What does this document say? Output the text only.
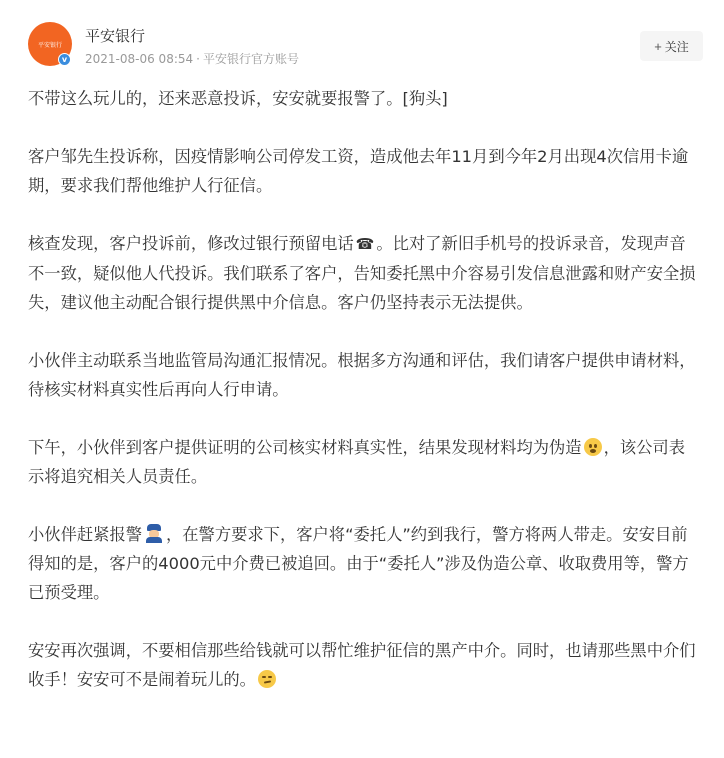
平安银行
v
平安银行
2021-08-06 08:54 · 平安银行官方账号
+ 关注

不带这么玩儿的，还来恶意投诉，安安就要报警了。[狗头]

客户邹先生投诉称，因疫情影响公司停发工资，造成他去年11月到今年2月出现4次信用卡逾期，要求我们帮他维护人行征信。

核查发现，客户投诉前，修改过银行预留电话 ☎ 。比对了新旧手机号的投诉录音，发现声音不一致，疑似他人代投诉。我们联系了客户，告知委托黑中介容易引发信息泄露和财产安全损失，建议他主动配合银行提供黑中介信息。客户仍坚持表示无法提供。

小伙伴主动联系当地监管局沟通汇报情况。根据多方沟通和评估，我们请客户提供申请材料，待核实材料真实性后再向人行申请。

下午，小伙伴到客户提供证明的公司核实材料真实性，结果发现材料均为伪造 ，该公司表示将追究相关人员责任。

小伙伴赶紧报警 ，在警方要求下，客户将“委托人”约到我行，警方将两人带走。安安目前得知的是，客户的4000元中介费已被追回。由于“委托人”涉及伪造公章、收取费用等，警方已预受理。

安安再次强调，不要相信那些给钱就可以帮忙维护征信的黑产中介。同时，也请那些黑中介们收手！安安可不是闹着玩儿的。
